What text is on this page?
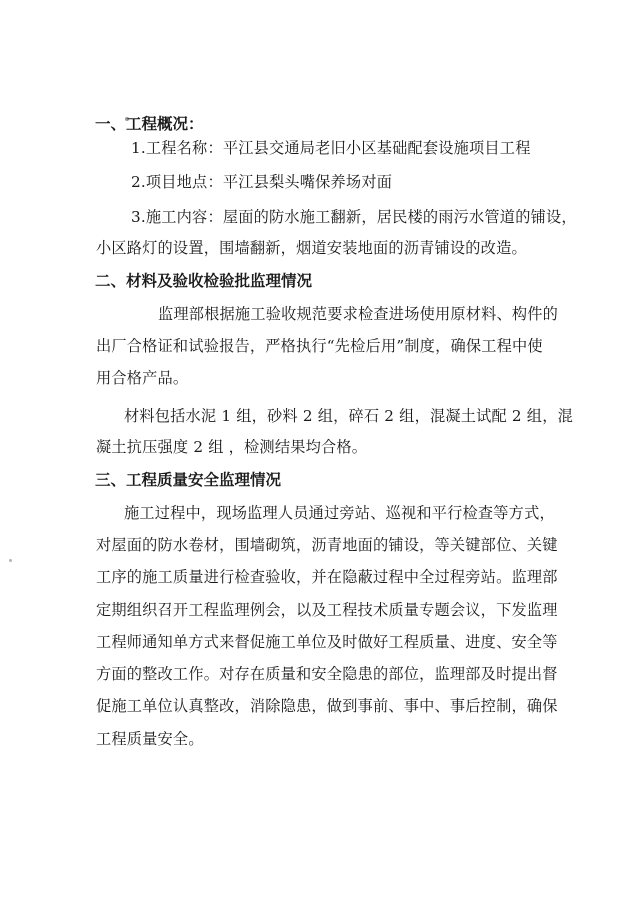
一、工程概况：
1.工程名称：平江县交通局老旧小区基础配套设施项目工程
2.项目地点：平江县梨头嘴保养场对面
3.施工内容：屋面的防水施工翻新，居民楼的雨污水管道的铺设，
小区路灯的设置，围墙翻新，烟道安装地面的沥青铺设的改造。
二、材料及验收检验批监理情况
监理部根据施工验收规范要求检查进场使用原材料、构件的
出厂合格证和试验报告，严格执行“先检后用”制度，确保工程中使
用合格产品。
材料包括水泥 1 组，砂料 2 组，碎石 2 组，混凝土试配 2 组，混
凝土抗压强度 2 组 ，检测结果均合格。
三、工程质量安全监理情况
施工过程中，现场监理人员通过旁站、巡视和平行检查等方式，
对屋面的防水卷材，围墙砌筑，沥青地面的铺设，等关键部位、关键
工序的施工质量进行检查验收，并在隐蔽过程中全过程旁站。监理部
定期组织召开工程监理例会，以及工程技术质量专题会议，下发监理
工程师通知单方式来督促施工单位及时做好工程质量、进度、安全等
方面的整改工作。对存在质量和安全隐患的部位，监理部及时提出督
促施工单位认真整改，消除隐患，做到事前、事中、事后控制，确保
工程质量安全。
